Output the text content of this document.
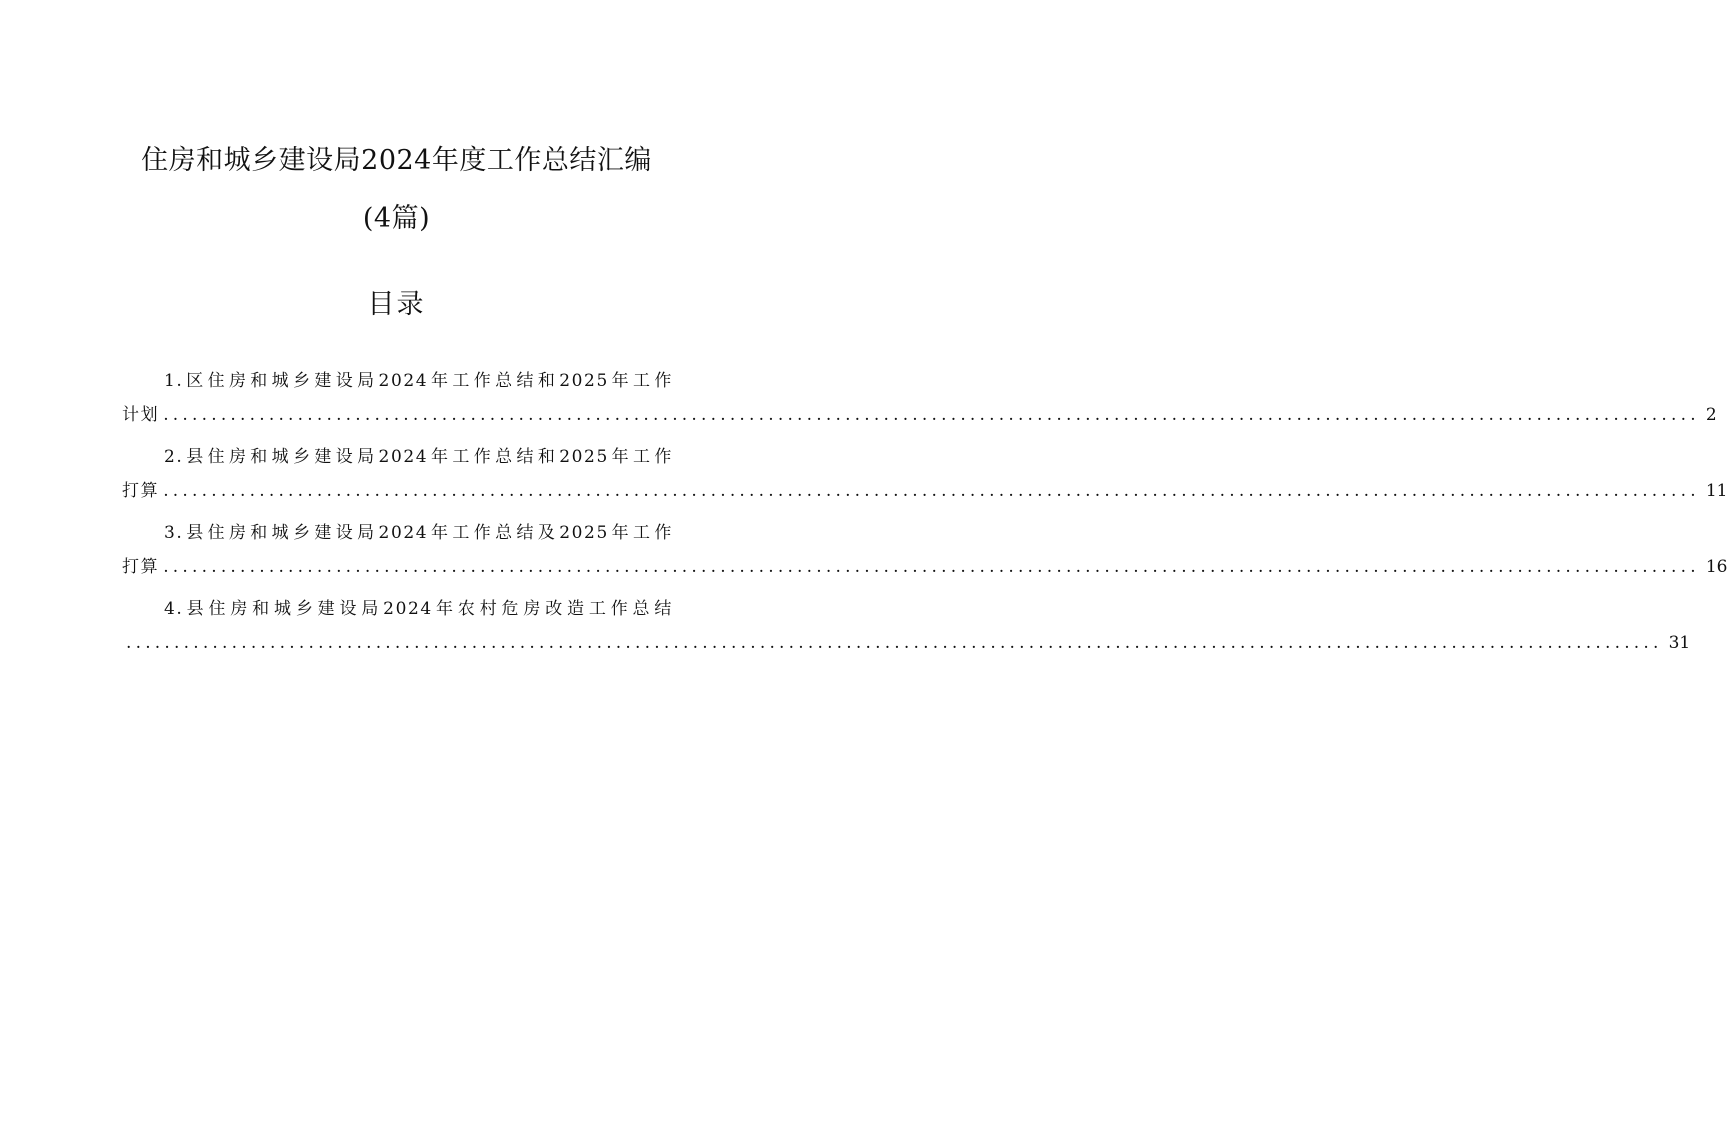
住房和城乡建设局2024年度工作总结汇编
(4篇)
目录
1.区住房和城乡建设局2024年工作总结和2025年工作
计划 ................................................................................................................................................................ 2
2.县住房和城乡建设局2024年工作总结和2025年工作
打算 ................................................................................................................................................................ 11
3.县住房和城乡建设局2024年工作总结及2025年工作
打算 ................................................................................................................................................................ 16
4.县住房和城乡建设局2024年农村危房改造工作总结
................................................................................................................................................................ 31
